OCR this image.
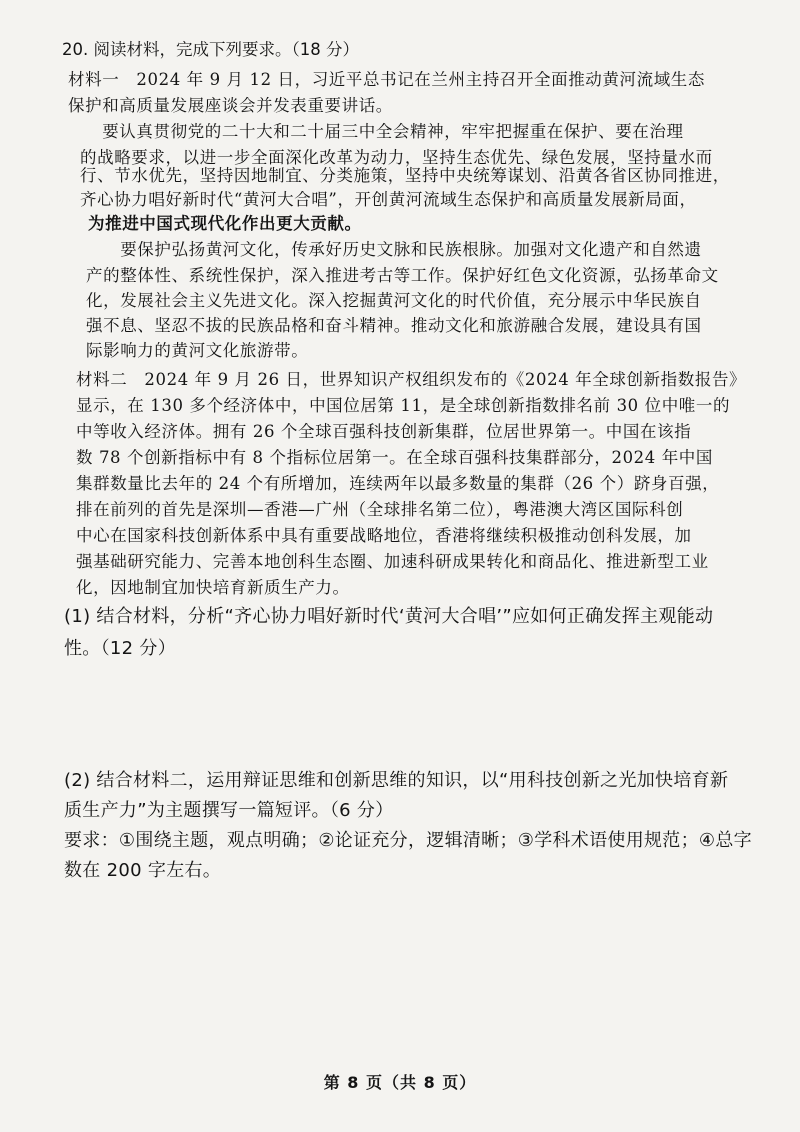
20. 阅读材料，完成下列要求。（18 分）
材料一　2024 年 9 月 12 日，习近平总书记在兰州主持召开全面推动黄河流域生态
保护和高质量发展座谈会并发表重要讲话。
　　要认真贯彻党的二十大和二十届三中全会精神，牢牢把握重在保护、要在治理
的战略要求，以进一步全面深化改革为动力，坚持生态优先、绿色发展，坚持量水而
行、节水优先，坚持因地制宜、分类施策，坚持中央统筹谋划、沿黄各省区协同推进，
齐心协力唱好新时代“黄河大合唱”，开创黄河流域生态保护和高质量发展新局面，
为推进中国式现代化作出更大贡献。
　　要保护弘扬黄河文化，传承好历史文脉和民族根脉。加强对文化遗产和自然遗
产的整体性、系统性保护，深入推进考古等工作。保护好红色文化资源，弘扬革命文
化，发展社会主义先进文化。深入挖掘黄河文化的时代价值，充分展示中华民族自
强不息、坚忍不拔的民族品格和奋斗精神。推动文化和旅游融合发展，建设具有国
际影响力的黄河文化旅游带。
材料二　2024 年 9 月 26 日，世界知识产权组织发布的《2024 年全球创新指数报告》
显示，在 130 多个经济体中，中国位居第 11，是全球创新指数排名前 30 位中唯一的
中等收入经济体。拥有 26 个全球百强科技创新集群，位居世界第一。中国在该指
数 78 个创新指标中有 8 个指标位居第一。在全球百强科技集群部分，2024 年中国
集群数量比去年的 24 个有所增加，连续两年以最多数量的集群（26 个）跻身百强，
排在前列的首先是深圳—香港—广州（全球排名第二位），粤港澳大湾区国际科创
中心在国家科技创新体系中具有重要战略地位，香港将继续积极推动创科发展，加
强基础研究能力、完善本地创科生态圈、加速科研成果转化和商品化、推进新型工业
化，因地制宜加快培育新质生产力。
(1) 结合材料，分析“齐心协力唱好新时代‘黄河大合唱’”应如何正确发挥主观能动
性。（12 分）
(2) 结合材料二，运用辩证思维和创新思维的知识，以“用科技创新之光加快培育新
质生产力”为主题撰写一篇短评。（6 分）
要求：①围绕主题，观点明确；②论证充分，逻辑清晰；③学科术语使用规范；④总字
数在 200 字左右。
第 8 页（共 8 页）
